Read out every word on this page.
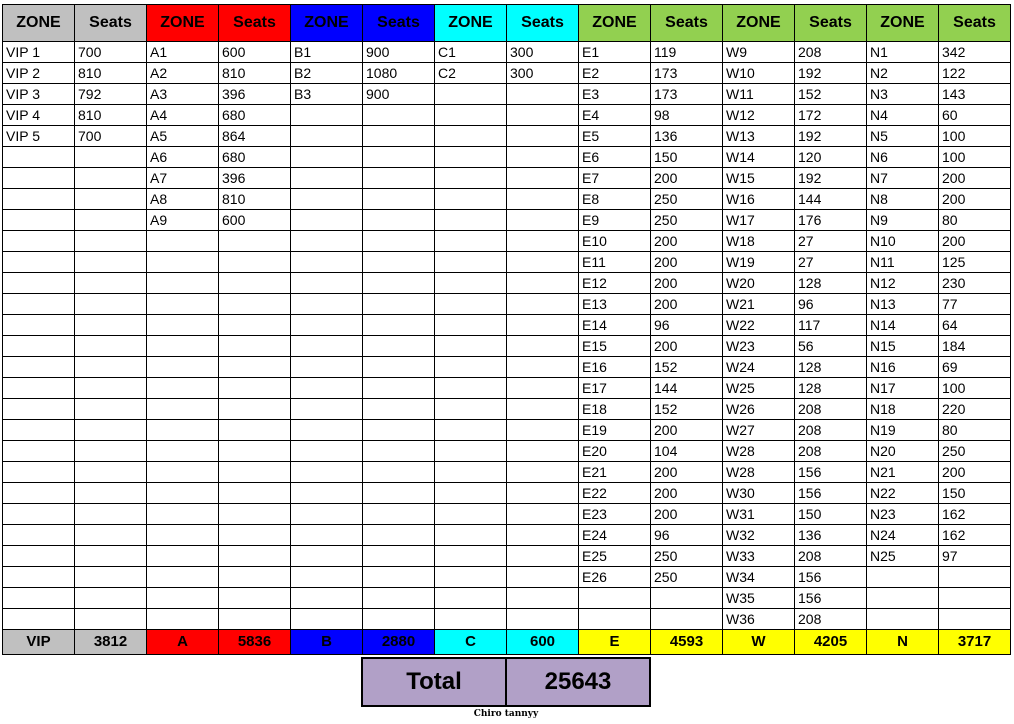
ZONE	Seats	ZONE	Seats	ZONE	Seats	ZONE	Seats	ZONE	Seats	ZONE	Seats	ZONE	Seats
VIP 1	700	A1	600	B1	900	C1	300	E1	119	W9	208	N1	342
VIP 2	810	A2	810	B2	1080	C2	300	E2	173	W10	192	N2	122
VIP 3	792	A3	396	B3	900			E3	173	W11	152	N3	143
VIP 4	810	A4	680					E4	98	W12	172	N4	60
VIP 5	700	A5	864					E5	136	W13	192	N5	100
		A6	680					E6	150	W14	120	N6	100
		A7	396					E7	200	W15	192	N7	200
		A8	810					E8	250	W16	144	N8	200
		A9	600					E9	250	W17	176	N9	80
								E10	200	W18	27	N10	200
								E11	200	W19	27	N11	125
								E12	200	W20	128	N12	230
								E13	200	W21	96	N13	77
								E14	96	W22	117	N14	64
								E15	200	W23	56	N15	184
								E16	152	W24	128	N16	69
								E17	144	W25	128	N17	100
								E18	152	W26	208	N18	220
								E19	200	W27	208	N19	80
								E20	104	W28	208	N20	250
								E21	200	W28	156	N21	200
								E22	200	W30	156	N22	150
								E23	200	W31	150	N23	162
								E24	96	W32	136	N24	162
								E25	250	W33	208	N25	97
								E26	250	W34	156		
										W35	156		
										W36	208		
VIP	3812	A	5836	B	2880	C	600	E	4593	W	4205	N	3717
Total	25643
Chiro tannyy
